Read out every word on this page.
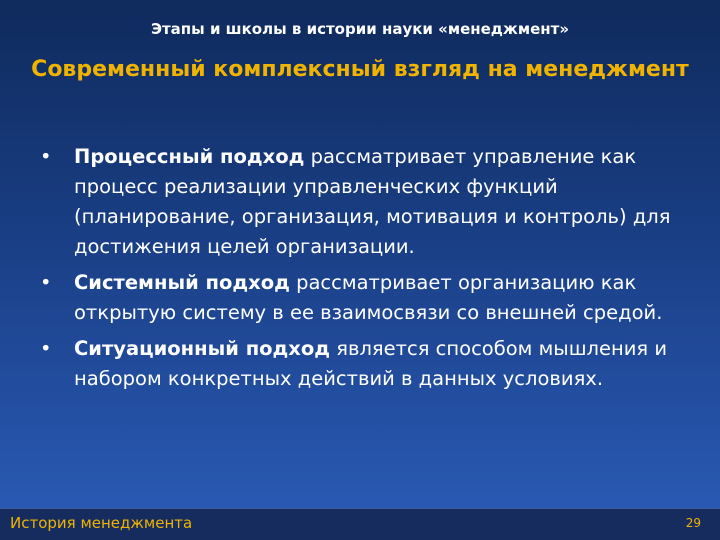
Этапы и школы в истории науки «менеджмент»
Современный комплексный взгляд на менеджмент
•	Процессный подход рассматривает управление как процесс реализации управленческих функций (планирование, организация, мотивация и контроль) для достижения целей организации.
•	Системный подход рассматривает организацию как открытую систему в ее взаимосвязи со внешней средой.
•	Ситуационный подход является способом мышления и набором конкретных действий в данных условиях.
История менеджмента	29
